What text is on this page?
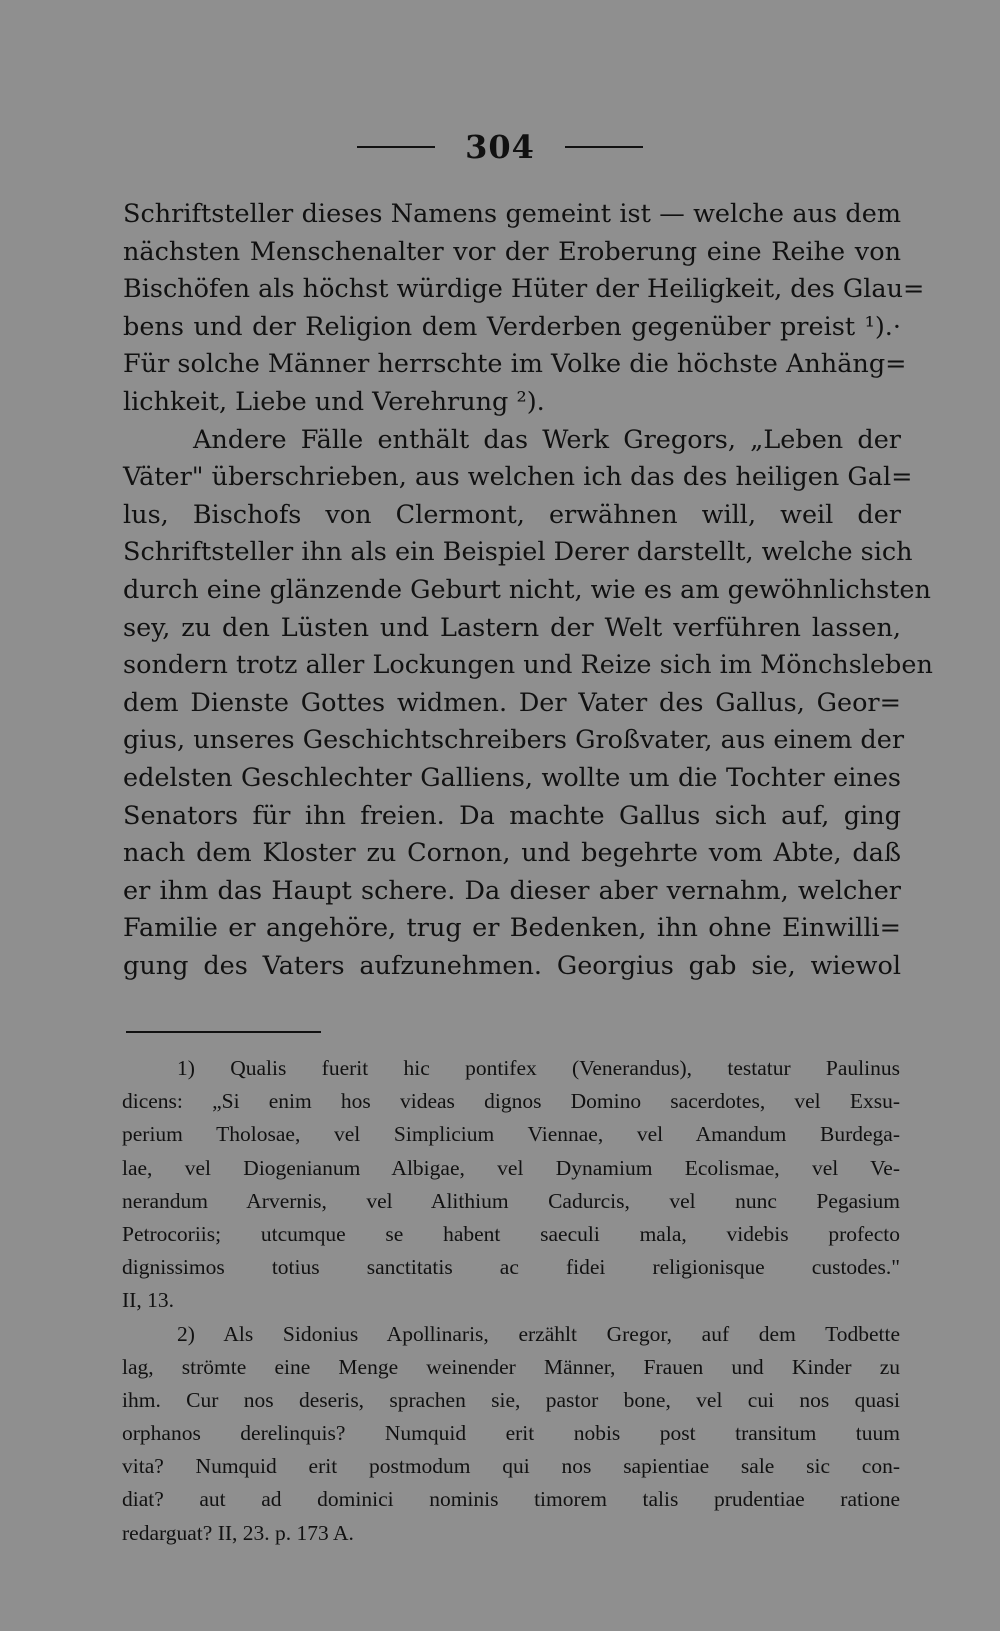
304
Schriftsteller dieses Namens gemeint ist — welche aus dem
nächsten Menschenalter vor der Eroberung eine Reihe von
Bischöfen als höchst würdige Hüter der Heiligkeit, des Glau=
bens und der Religion dem Verderben gegenüber preist ¹).·
Für solche Männer herrschte im Volke die höchste Anhäng=
lichkeit, Liebe und Verehrung ²).
Andere Fälle enthält das Werk Gregors, „Leben der
Väter" überschrieben, aus welchen ich das des heiligen Gal=
lus, Bischofs von Clermont, erwähnen will, weil der
Schriftsteller ihn als ein Beispiel Derer darstellt, welche sich
durch eine glänzende Geburt nicht, wie es am gewöhnlichsten
sey, zu den Lüsten und Lastern der Welt verführen lassen,
sondern trotz aller Lockungen und Reize sich im Mönchsleben
dem Dienste Gottes widmen. Der Vater des Gallus, Geor=
gius, unseres Geschichtschreibers Großvater, aus einem der
edelsten Geschlechter Galliens, wollte um die Tochter eines
Senators für ihn freien. Da machte Gallus sich auf, ging
nach dem Kloster zu Cornon, und begehrte vom Abte, daß
er ihm das Haupt schere. Da dieser aber vernahm, welcher
Familie er angehöre, trug er Bedenken, ihn ohne Einwilli=
gung des Vaters aufzunehmen. Georgius gab sie, wiewol
1) Qualis fuerit hic pontifex (Venerandus), testatur Paulinus
dicens: „Si enim hos videas dignos Domino sacerdotes, vel Exsu-
perium Tholosae, vel Simplicium Viennae, vel Amandum Burdega-
lae, vel Diogenianum Albigae, vel Dynamium Ecolismae, vel Ve-
nerandum Arvernis, vel Alithium Cadurcis, vel nunc Pegasium
Petrocoriis; utcumque se habent saeculi mala, videbis profecto
dignissimos totius sanctitatis ac fidei religionisque custodes."
II, 13.
2) Als Sidonius Apollinaris, erzählt Gregor, auf dem Todbette
lag, strömte eine Menge weinender Männer, Frauen und Kinder zu
ihm. Cur nos deseris, sprachen sie, pastor bone, vel cui nos quasi
orphanos derelinquis? Numquid erit nobis post transitum tuum
vita? Numquid erit postmodum qui nos sapientiae sale sic con-
diat? aut ad dominici nominis timorem talis prudentiae ratione
redarguat? II, 23. p. 173 A.
